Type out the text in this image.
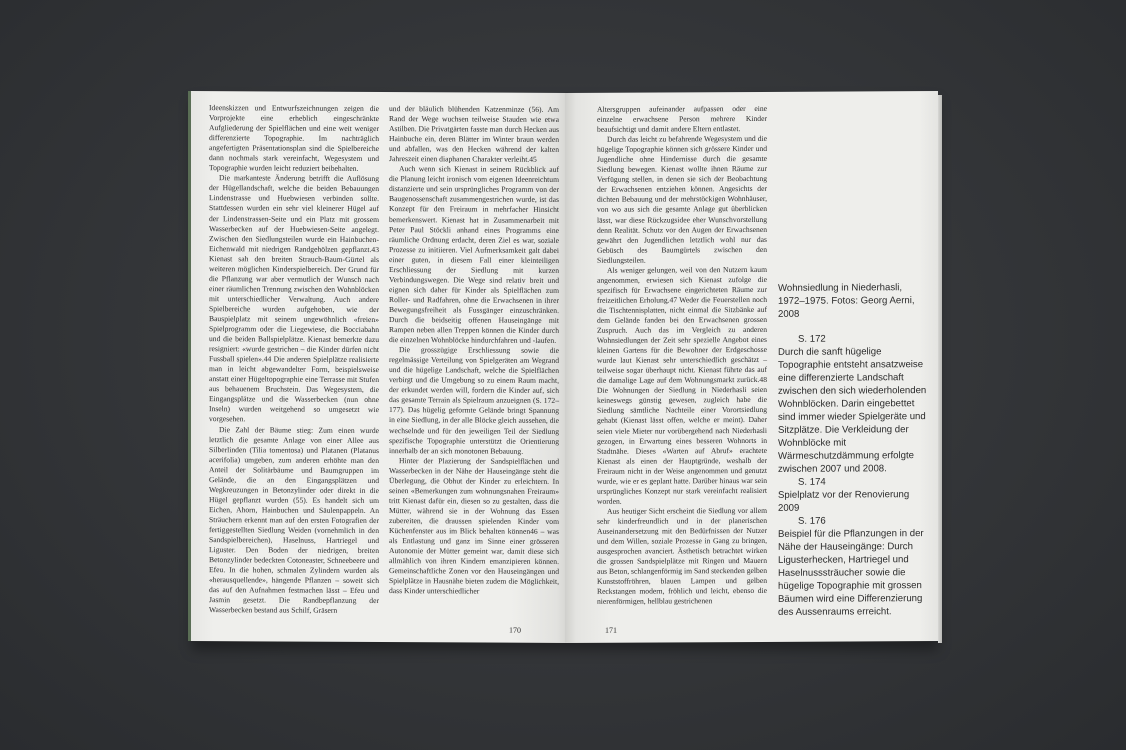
Ideenskizzen und Entwurfszeichnungen zeigen die Vorprojekte eine erheblich eingeschränkte Aufgliederung der Spielflächen und eine weit weniger differenzierte Topographie. Im nachträglich angefertigten Präsentationsplan sind die Spielbereiche dann nochmals stark vereinfacht, Wegesystem und Topographie wurden leicht reduziert beibehalten.

Die markanteste Änderung betrifft die Auflösung der Hügellandschaft, welche die beiden Bebauungen Lindenstrasse und Huebwiesen verbinden sollte. Stattdessen wurden ein sehr viel kleinerer Hügel auf der Lindenstrassen-Seite und ein Platz mit grossem Wasserbecken auf der Huebwiesen-Seite angelegt. Zwischen den Siedlungsteilen wurde ein Hainbuchen-Eichenwald mit niedrigen Randgehölzen gepflanzt.43 Kienast sah den breiten Strauch-Baum-Gürtel als weiteren möglichen Kinderspielbereich. Der Grund für die Pflanzung war aber vermutlich der Wunsch nach einer räumlichen Trennung zwischen den Wohnblöcken mit unterschiedlicher Verwaltung. Auch andere Spielbereiche wurden aufgehoben, wie der Bauspielplatz mit seinem ungewöhnlich «freien» Spielprogramm oder die Liegewiese, die Bocciabahn und die beiden Ballspielplätze. Kienast bemerkte dazu resigniert: «wurde gestrichen – die Kinder dürfen nicht Fussball spielen».44 Die anderen Spielplätze realisierte man in leicht abgewandelter Form, beispielsweise anstatt einer Hügeltopographie eine Terrasse mit Stufen aus behauenem Bruchstein. Das Wegesystem, die Eingangsplätze und die Wasserbecken (nun ohne Inseln) wurden weitgehend so umgesetzt wie vorgesehen.

Die Zahl der Bäume stieg: Zum einen wurde letztlich die gesamte Anlage von einer Allee aus Silberlinden (Tilia tomentosa) und Platanen (Platanus acerifolia) umgeben, zum anderen erhöhte man den Anteil der Solitärbäume und Baumgruppen im Gelände, die an den Eingangsplätzen und Wegkreuzungen in Betonzylinder oder direkt in die Hügel gepflanzt wurden (55). Es handelt sich um Eichen, Ahorn, Hainbuchen und Säulenpappeln. An Sträuchern erkennt man auf den ersten Fotografien der fertiggestellten Siedlung Weiden (vornehmlich in den Sandspielbereichen), Haselnuss, Hartriegel und Liguster. Den Boden der niedrigen, breiten Betonzylinder bedeckten Cotoneaster, Schneebeere und Efeu. In die hohen, schmalen Zylindern wurden als «herausquellende», hängende Pflanzen – soweit sich das auf den Aufnahmen festmachen lässt – Efeu und Jasmin gesetzt. Die Randbepflanzung der Wasserbecken bestand aus Schilf, Gräsern

und der bläulich blühenden Katzenminze (56). Am Rand der Wege wuchsen teilweise Stauden wie etwa Astilben. Die Privatgärten fasste man durch Hecken aus Hainbuche ein, deren Blätter im Winter braun werden und abfallen, was den Hecken während der kalten Jahreszeit einen diaphanen Charakter verleiht.45

Auch wenn sich Kienast in seinem Rückblick auf die Planung leicht ironisch vom eigenen Ideenreichtum distanzierte und sein ursprüngliches Programm von der Baugenossenschaft zusammengestrichen wurde, ist das Konzept für den Freiraum in mehrfacher Hinsicht bemerkenswert. Kienast hat in Zusammenarbeit mit Peter Paul Stöckli anhand eines Programms eine räumliche Ordnung erdacht, deren Ziel es war, soziale Prozesse zu initiieren. Viel Aufmerksamkeit galt dabei einer guten, in diesem Fall einer kleinteiligen Erschliessung der Siedlung mit kurzen Verbindungswegen. Die Wege sind relativ breit und eignen sich daher für Kinder als Spielflächen zum Roller- und Radfahren, ohne die Erwachsenen in ihrer Bewegungsfreiheit als Fussgänger einzuschränken. Durch die beidseitig offenen Hauseingänge mit Rampen neben allen Treppen können die Kinder durch die einzelnen Wohnblöcke hindurchfahren und -laufen.

Die grosszügige Erschliessung sowie die regelmässige Verteilung von Spielgeräten am Wegrand und die hügelige Landschaft, welche die Spielflächen verbirgt und die Umgebung so zu einem Raum macht, der erkundet werden will, fordern die Kinder auf, sich das gesamte Terrain als Spielraum anzueignen (S. 172–177). Das hügelig geformte Gelände bringt Spannung in eine Siedlung, in der alle Blöcke gleich aussehen, die wechselnde und für den jeweiligen Teil der Siedlung spezifische Topographie unterstützt die Orientierung innerhalb der an sich monotonen Bebauung.

Hinter der Plazierung der Sandspielflächen und Wasserbecken in der Nähe der Hauseingänge steht die Überlegung, die Obhut der Kinder zu erleichtern. In seinen «Bemerkungen zum wohnungsnahen Freiraum» tritt Kienast dafür ein, diesen so zu gestalten, dass die Mütter, während sie in der Wohnung das Essen zubereiten, die draussen spielenden Kinder vom Küchenfenster aus im Blick behalten können46 – was als Entlastung und ganz im Sinne einer grösseren Autonomie der Mütter gemeint war, damit diese sich allmählich von ihren Kindern emanzipieren können. Gemeinschaftliche Zonen vor den Hauseingängen und Spielplätze in Hausnähe bieten zudem die Möglichkeit, dass Kinder unterschiedlicher

170

Altersgruppen aufeinander aufpassen oder eine einzelne erwachsene Person mehrere Kinder beaufsichtigt und damit andere Eltern entlastet.

Durch das leicht zu befahrende Wegesystem und die hügelige Topographie können sich grössere Kinder und Jugendliche ohne Hindernisse durch die gesamte Siedlung bewegen. Kienast wollte ihnen Räume zur Verfügung stellen, in denen sie sich der Beobachtung der Erwachsenen entziehen können. Angesichts der dichten Bebauung und der mehrstöckigen Wohnhäuser, von wo aus sich die gesamte Anlage gut überblicken lässt, war diese Rückzugsidee eher Wunschvorstellung denn Realität. Schutz vor den Augen der Erwachsenen gewährt den Jugendlichen letztlich wohl nur das Gebüsch des Baumgürtels zwischen den Siedlungsteilen.

Als weniger gelungen, weil von den Nutzern kaum angenommen, erwiesen sich Kienast zufolge die spezifisch für Erwachsene eingerichteten Räume zur freizeitlichen Erholung.47 Weder die Feuerstellen noch die Tischtennisplatten, nicht einmal die Sitzbänke auf dem Gelände fanden bei den Erwachsenen grossen Zuspruch. Auch das im Vergleich zu anderen Wohnsiedlungen der Zeit sehr spezielle Angebot eines kleinen Gartens für die Bewohner der Erdgeschosse wurde laut Kienast sehr unterschiedlich geschätzt – teilweise sogar überhaupt nicht. Kienast führte das auf die damalige Lage auf dem Wohnungsmarkt zurück.48 Die Wohnungen der Siedlung in Niederhasli seien keineswegs günstig gewesen, zugleich habe die Siedlung sämtliche Nachteile einer Vorortsiedlung gehabt (Kienast lässt offen, welche er meint). Daher seien viele Mieter nur vorübergehend nach Niederhasli gezogen, in Erwartung eines besseren Wohnorts in Stadtnähe. Dieses «Warten auf Abruf» erachtete Kienast als einen der Hauptgründe, weshalb der Freiraum nicht in der Weise angenommen und genutzt wurde, wie er es geplant hatte. Darüber hinaus war sein ursprüngliches Konzept nur stark vereinfacht realisiert worden.

Aus heutiger Sicht erscheint die Siedlung vor allem sehr kinderfreundlich und in der planerischen Auseinandersetzung mit den Bedürfnissen der Nutzer und dem Willen, soziale Prozesse in Gang zu bringen, ausgesprochen avanciert. Ästhetisch betrachtet wirken die grossen Sandspielplätze mit Ringen und Mauern aus Beton, schlangenförmig im Sand steckenden gelben Kunststoffröhren, blauen Lampen und gelben Reckstangen modern, fröhlich und leicht, ebenso die nierenförmigen, hellblau gestrichenen

171
Wohnsiedlung in Niederhasli, 1972–1975. Fotos: Georg Aerni, 2008
S. 172
Durch die sanft hügelige Topographie entsteht ansatzweise eine differenzierte Landschaft zwischen den sich wiederholenden Wohnblöcken. Darin eingebettet sind immer wieder Spielgeräte und Sitzplätze. Die Verkleidung der Wohnblöcke mit Wärmeschutzdämmung erfolgte zwischen 2007 und 2008.
S. 174
Spielplatz vor der Renovierung 2009
S. 176
Beispiel für die Pflanzungen in der Nähe der Hauseingänge: Durch Ligusterhecken, Hartriegel und Haselnusssträucher sowie die hügelige Topographie mit grossen Bäumen wird eine Differenzierung des Aussenraums erreicht.
